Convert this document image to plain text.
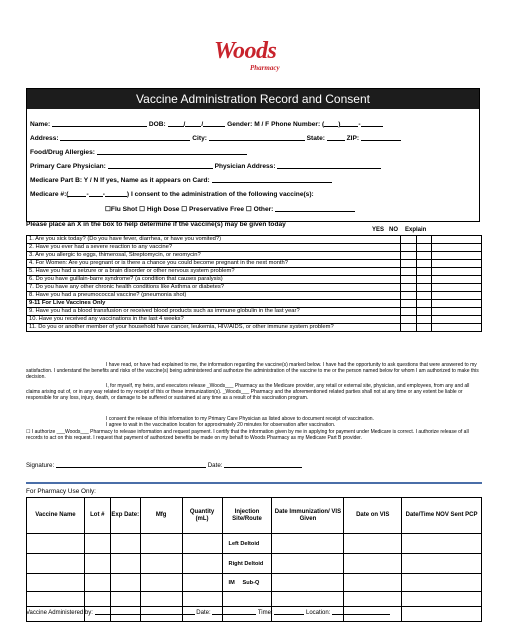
Woods
Pharmacy
Vaccine Administration Record and Consent
Name:	DOB:	/ /	Gender: M / F Phone Number: ( )	-
Address:	City:	State:	ZIP:
Food/Drug Allergies:
Primary Care Physician:	Physician Address:
Medicare Part B: Y / N If yes, Name as it appears on Card:
Medicare #:(	- -	) I consent to the administration of the following vaccine(s):
☐Flu Shot ☐ High Dose ☐ Preservative Free ☐ Other:
Please place an X in the box to help determine if the vaccine(s) may be given today
YES NO Explain
1. Are you sick today? (Do you have fever, diarrhea, or have you vomited?)			
2. Have you ever had a severe reaction to any vaccine?			
3. Are you allergic to eggs, thimerosal, Streptomycin, or neomycin?			
4. For Women: Are you pregnant or is there a chance you could become pregnant in the next month?			
5. Have you had a seizure or a brain disorder or other nervous system problem?			
6. Do you have guillain-barre syndrome? (a condition that causes paralysis)			
7. Do you have any other chronic health conditions like Asthma or diabetes?			
8. Have you had a pneumococcal vaccine? (pneumonia shot)			
9-11 For Live Vaccines Only			
9. Have you had a blood transfusion or received blood products such as immune globulin in the last year?			
10. Have you received any vaccinations in the last 4 weeks?			
11. Do you or another member of your household have cancer, leukemia, HIV/AIDS, or other immune system problem?			
I have read, or have had explained to me, the information regarding the vaccine(s) marked below. I have had the opportunity to ask questions that were answered to my satisfaction. I understand the benefits and risks of the vaccine(s) being administered and authorize the administration of the vaccine to me or the person named below for whom I am authorized to make this decision.
I, for myself, my heirs, and executors release _Woods___ Pharmacy as the Medicare provider, any retail or external site, physician, and employees, from any and all claims arising out of, or in any way related to my receipt of this or these immunization(s). _Woods___ Pharmacy and the aforementioned related parties shall not at any time or any extent be liable or responsible for any loss, injury, death, or damage to be suffered or sustained at any time as a result of this vaccination program.
I consent the release of this information to my Primary Care Physician as listed above to document receipt of vaccination.
I agree to wait in the vaccination location for approximately 20 minutes for observation after vaccination.
☐ I authorize ___Woods___ Pharmacy to release information and request payment. I certify that the information given by me in applying for payment under Medicare is correct. I authorize release of all records to act on this request. I request that payment of authorized benefits be made on my behalf to Woods Pharmacy as my Medicare Part B provider.
Signature:	Date:
For Pharmacy Use Only:
Vaccine Name	Lot #	Exp Date:	Mfg	Quantity (mL)	Injection Site/Route	Date Immunization/ VIS Given	Date on VIS	Date/Time NOV Sent PCP
					Left Deltoid			
					Right Deltoid			
					IM     Sub-Q			

Vaccine Administered by:	Date:	Time:	Location:
